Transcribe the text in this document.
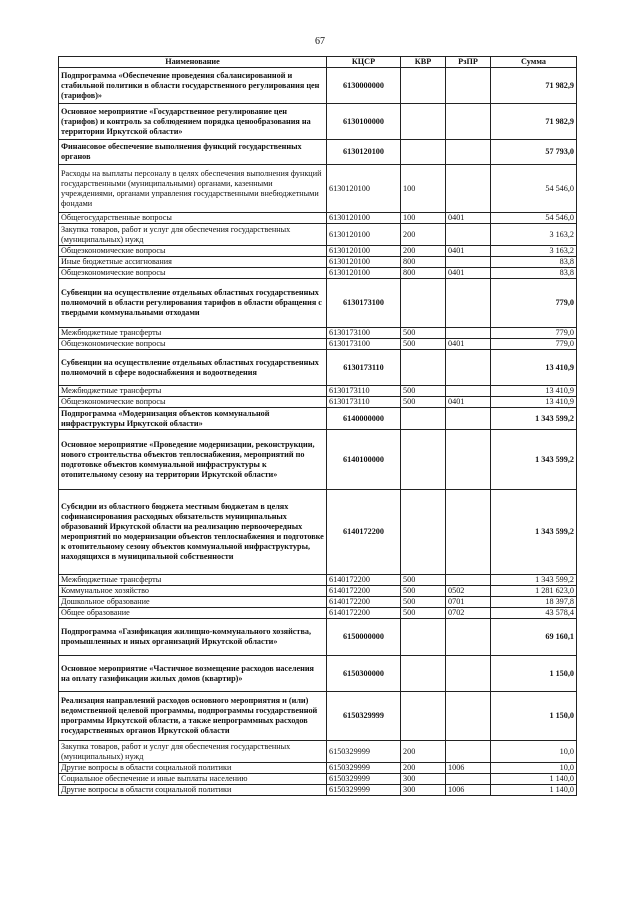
67
Наименование	КЦСР	КВР	РзПР	Сумма
Подпрограмма «Обеспечение проведения сбалансированной и стабильной политики в области государственного регулирования цен (тарифов)»	6130000000			71 982,9
Основное мероприятие «Государственное регулирование цен (тарифов) и контроль за соблюдением порядка ценообразования на территории Иркутской области»	6130100000			71 982,9
Финансовое обеспечение выполнения функций государственных органов	6130120100			57 793,0
Расходы на выплаты персоналу в целях обеспечения выполнения функций государственными (муниципальными) органами, казенными учреждениями, органами управления государственными внебюджетными фондами	6130120100	100		54 546,0
Общегосударственные вопросы	6130120100	100	0401	54 546,0
Закупка товаров, работ и услуг для обеспечения государственных (муниципальных) нужд	6130120100	200		3 163,2
Общеэкономические вопросы	6130120100	200	0401	3 163,2
Иные бюджетные ассигнования	6130120100	800		83,8
Общеэкономические вопросы	6130120100	800	0401	83,8
Субвенции на осуществление отдельных областных государственных полномочий в области регулирования тарифов в области обращения с твердыми коммунальными отходами	6130173100			779,0
Межбюджетные трансферты	6130173100	500		779,0
Общеэкономические вопросы	6130173100	500	0401	779,0
Субвенции на осуществление отдельных областных государственных полномочий в сфере водоснабжения и водоотведения	6130173110			13 410,9
Межбюджетные трансферты	6130173110	500		13 410,9
Общеэкономические вопросы	6130173110	500	0401	13 410,9
Подпрограмма «Модернизация объектов коммунальной инфраструктуры Иркутской области»	6140000000			1 343 599,2
Основное мероприятие «Проведение модернизации, реконструкции, нового строительства объектов теплоснабжения, мероприятий по подготовке объектов коммунальной инфраструктуры к отопительному сезону на территории Иркутской области»	6140100000			1 343 599,2
Субсидии из областного бюджета местным бюджетам в целях софинансирования расходных обязательств муниципальных образований Иркутской области на реализацию первоочередных мероприятий по модернизации объектов теплоснабжения и подготовке к отопительному сезону объектов коммунальной инфраструктуры, находящихся в муниципальной собственности	6140172200			1 343 599,2
Межбюджетные трансферты	6140172200	500		1 343 599,2
Коммунальное хозяйство	6140172200	500	0502	1 281 623,0
Дошкольное образование	6140172200	500	0701	18 397,8
Общее образование	6140172200	500	0702	43 578,4
Подпрограмма «Газификация жилищно-коммунального хозяйства, промышленных и иных организаций Иркутской области»	6150000000			69 160,1
Основное мероприятие «Частичное возмещение расходов населения на оплату газификации жилых домов (квартир)»	6150300000			1 150,0
Реализация направлений расходов основного мероприятия и (или) ведомственной целевой программы, подпрограммы государственной программы Иркутской области, а также непрограммных расходов государственных органов Иркутской области	6150329999			1 150,0
Закупка товаров, работ и услуг для обеспечения государственных (муниципальных) нужд	6150329999	200		10,0
Другие вопросы в области социальной политики	6150329999	200	1006	10,0
Социальное обеспечение и иные выплаты населению	6150329999	300		1 140,0
Другие вопросы в области социальной политики	6150329999	300	1006	1 140,0
